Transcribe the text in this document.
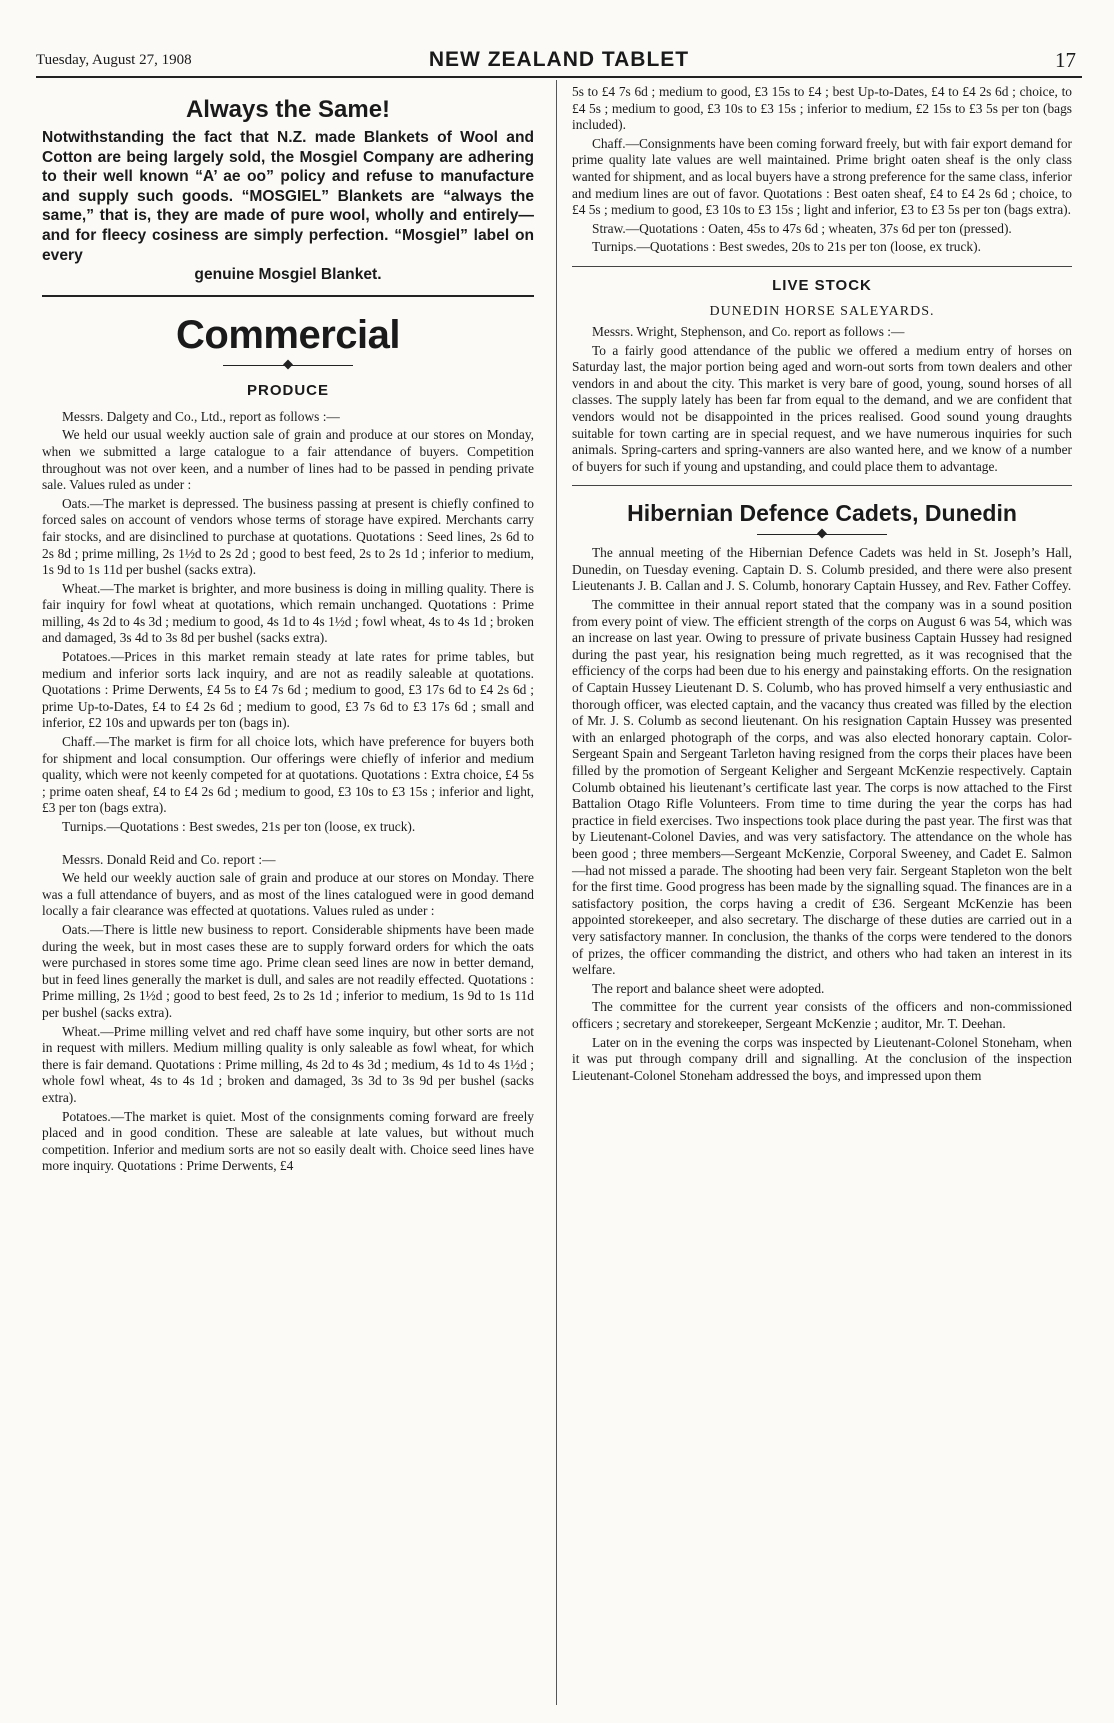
Tuesday, August 27, 1908	NEW ZEALAND TABLET	17
Always the Same!
Notwithstanding the fact that N.Z. made Blankets of Wool and Cotton are being largely sold, the Mosgiel Company are adhering to their well known “A’ ae oo” policy and refuse to manufacture and supply such goods. “MOSGIEL” Blankets are “always the same,” that is, they are made of pure wool, wholly and entirely—and for fleecy cosiness are simply perfection. “Mosgiel” label on every
genuine Mosgiel Blanket.
Commercial
PRODUCE

Messrs. Dalgety and Co., Ltd., report as follows :—

We held our usual weekly auction sale of grain and produce at our stores on Monday, when we submitted a large catalogue to a fair attendance of buyers. Competition throughout was not over keen, and a number of lines had to be passed in pending private sale. Values ruled as under :

Oats.—The market is depressed. The business passing at present is chiefly confined to forced sales on account of vendors whose terms of storage have expired. Merchants carry fair stocks, and are disinclined to purchase at quotations. Quotations : Seed lines, 2s 6d to 2s 8d ; prime milling, 2s 1½d to 2s 2d ; good to best feed, 2s to 2s 1d ; inferior to medium, 1s 9d to 1s 11d per bushel (sacks extra).

Wheat.—The market is brighter, and more business is doing in milling quality. There is fair inquiry for fowl wheat at quotations, which remain unchanged. Quotations : Prime milling, 4s 2d to 4s 3d ; medium to good, 4s 1d to 4s 1½d ; fowl wheat, 4s to 4s 1d ; broken and damaged, 3s 4d to 3s 8d per bushel (sacks extra).

Potatoes.—Prices in this market remain steady at late rates for prime tables, but medium and inferior sorts lack inquiry, and are not as readily saleable at quotations. Quotations : Prime Derwents, £4 5s to £4 7s 6d ; medium to good, £3 17s 6d to £4 2s 6d ; prime Up-to-Dates, £4 to £4 2s 6d ; medium to good, £3 7s 6d to £3 17s 6d ; small and inferior, £2 10s and upwards per ton (bags in).

Chaff.—The market is firm for all choice lots, which have preference for buyers both for shipment and local consumption. Our offerings were chiefly of inferior and medium quality, which were not keenly competed for at quotations. Quotations : Extra choice, £4 5s ; prime oaten sheaf, £4 to £4 2s 6d ; medium to good, £3 10s to £3 15s ; inferior and light, £3 per ton (bags extra).

Turnips.—Quotations : Best swedes, 21s per ton (loose, ex truck).

Messrs. Donald Reid and Co. report :—

We held our weekly auction sale of grain and produce at our stores on Monday. There was a full attendance of buyers, and as most of the lines catalogued were in good demand locally a fair clearance was effected at quotations. Values ruled as under :

Oats.—There is little new business to report. Considerable shipments have been made during the week, but in most cases these are to supply forward orders for which the oats were purchased in stores some time ago. Prime clean seed lines are now in better demand, but in feed lines generally the market is dull, and sales are not readily effected. Quotations : Prime milling, 2s 1½d ; good to best feed, 2s to 2s 1d ; inferior to medium, 1s 9d to 1s 11d per bushel (sacks extra).

Wheat.—Prime milling velvet and red chaff have some inquiry, but other sorts are not in request with millers. Medium milling quality is only saleable as fowl wheat, for which there is fair demand. Quotations : Prime milling, 4s 2d to 4s 3d ; medium, 4s 1d to 4s 1½d ; whole fowl wheat, 4s to 4s 1d ; broken and damaged, 3s 3d to 3s 9d per bushel (sacks extra).

Potatoes.—The market is quiet. Most of the consignments coming forward are freely placed and in good condition. These are saleable at late values, but without much competition. Inferior and medium sorts are not so easily dealt with. Choice seed lines have more inquiry. Quotations : Prime Derwents, £4

5s to £4 7s 6d ; medium to good, £3 15s to £4 ; best Up-to-Dates, £4 to £4 2s 6d ; choice, to £4 5s ; medium to good, £3 10s to £3 15s ; inferior to medium, £2 15s to £3 5s per ton (bags included).

Chaff.—Consignments have been coming forward freely, but with fair export demand for prime quality late values are well maintained. Prime bright oaten sheaf is the only class wanted for shipment, and as local buyers have a strong preference for the same class, inferior and medium lines are out of favor. Quotations : Best oaten sheaf, £4 to £4 2s 6d ; choice, to £4 5s ; medium to good, £3 10s to £3 15s ; light and inferior, £3 to £3 5s per ton (bags extra).

Straw.—Quotations : Oaten, 45s to 47s 6d ; wheaten, 37s 6d per ton (pressed).

Turnips.—Quotations : Best swedes, 20s to 21s per ton (loose, ex truck).

LIVE STOCK
DUNEDIN HORSE SALEYARDS.

Messrs. Wright, Stephenson, and Co. report as follows :—

To a fairly good attendance of the public we offered a medium entry of horses on Saturday last, the major portion being aged and worn-out sorts from town dealers and other vendors in and about the city. This market is very bare of good, young, sound horses of all classes. The supply lately has been far from equal to the demand, and we are confident that vendors would not be disappointed in the prices realised. Good sound young draughts suitable for town carting are in special request, and we have numerous inquiries for such animals. Spring-carters and spring-vanners are also wanted here, and we know of a number of buyers for such if young and upstanding, and could place them to advantage.

Hibernian Defence Cadets, Dunedin

The annual meeting of the Hibernian Defence Cadets was held in St. Joseph’s Hall, Dunedin, on Tuesday evening. Captain D. S. Columb presided, and there were also present Lieutenants J. B. Callan and J. S. Columb, honorary Captain Hussey, and Rev. Father Coffey.

The committee in their annual report stated that the company was in a sound position from every point of view. The efficient strength of the corps on August 6 was 54, which was an increase on last year. Owing to pressure of private business Captain Hussey had resigned during the past year, his resignation being much regretted, as it was recognised that the efficiency of the corps had been due to his energy and painstaking efforts. On the resignation of Captain Hussey Lieutenant D. S. Columb, who has proved himself a very enthusiastic and thorough officer, was elected captain, and the vacancy thus created was filled by the election of Mr. J. S. Columb as second lieutenant. On his resignation Captain Hussey was presented with an enlarged photograph of the corps, and was also elected honorary captain. Color-Sergeant Spain and Sergeant Tarleton having resigned from the corps their places have been filled by the promotion of Sergeant Keligher and Sergeant McKenzie respectively. Captain Columb obtained his lieutenant’s certificate last year. The corps is now attached to the First Battalion Otago Rifle Volunteers. From time to time during the year the corps has had practice in field exercises. Two inspections took place during the past year. The first was that by Lieutenant-Colonel Davies, and was very satisfactory. The attendance on the whole has been good ; three members—Sergeant McKenzie, Corporal Sweeney, and Cadet E. Salmon—had not missed a parade. The shooting had been very fair. Sergeant Stapleton won the belt for the first time. Good progress has been made by the signalling squad. The finances are in a satisfactory position, the corps having a credit of £36. Sergeant McKenzie has been appointed storekeeper, and also secretary. The discharge of these duties are carried out in a very satisfactory manner. In conclusion, the thanks of the corps were tendered to the donors of prizes, the officer commanding the district, and others who had taken an interest in its welfare.

The report and balance sheet were adopted.

The committee for the current year consists of the officers and non-commissioned officers ; secretary and storekeeper, Sergeant McKenzie ; auditor, Mr. T. Deehan.

Later on in the evening the corps was inspected by Lieutenant-Colonel Stoneham, when it was put through company drill and signalling. At the conclusion of the inspection Lieutenant-Colonel Stoneham addressed the boys, and impressed upon them
